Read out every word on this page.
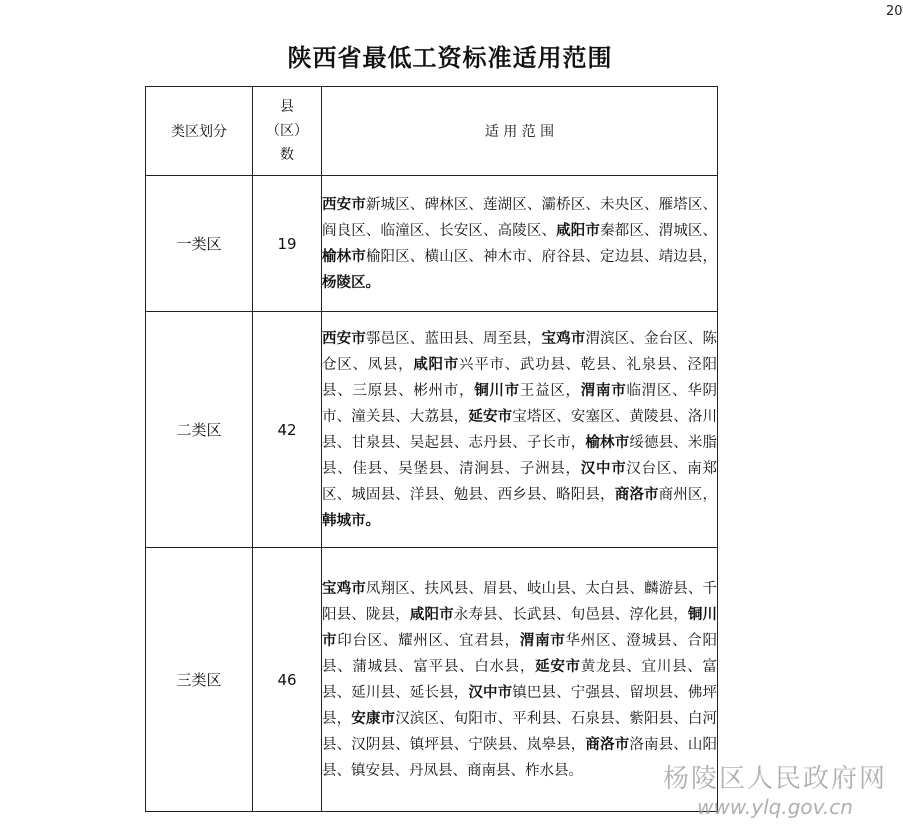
20
陕西省最低工资标准适用范围
类区划分	县
（区）
数	适 用 范 围
一类区	19	西安市新城区、碑林区、莲湖区、灞桥区、未央区、雁塔区、阎良区、临潼区、长安区、高陵区、咸阳市秦都区、渭城区、榆林市榆阳区、横山区、神木市、府谷县、定边县、靖边县，杨陵区。
二类区	42	西安市鄠邑区、蓝田县、周至县，宝鸡市渭滨区、金台区、陈仓区、凤县，咸阳市兴平市、武功县、乾县、礼泉县、泾阳县、三原县、彬州市，铜川市王益区，渭南市临渭区、华阴市、潼关县、大荔县，延安市宝塔区、安塞区、黄陵县、洛川县、甘泉县、吴起县、志丹县、子长市，榆林市绥德县、米脂县、佳县、吴堡县、清涧县、子洲县，汉中市汉台区、南郑区、城固县、洋县、勉县、西乡县、略阳县，商洛市商州区，韩城市。
三类区	46	宝鸡市凤翔区、扶风县、眉县、岐山县、太白县、麟游县、千阳县、陇县，咸阳市永寿县、长武县、旬邑县、淳化县，铜川市印台区、耀州区、宜君县，渭南市华州区、澄城县、合阳县、蒲城县、富平县、白水县，延安市黄龙县、宜川县、富县、延川县、延长县，汉中市镇巴县、宁强县、留坝县、佛坪县，安康市汉滨区、旬阳市、平利县、石泉县、紫阳县、白河县、汉阴县、镇坪县、宁陕县、岚皋县，商洛市洛南县、山阳县、镇安县、丹凤县、商南县、柞水县。	杨陵区人民政府网
www.ylq.gov.cn
